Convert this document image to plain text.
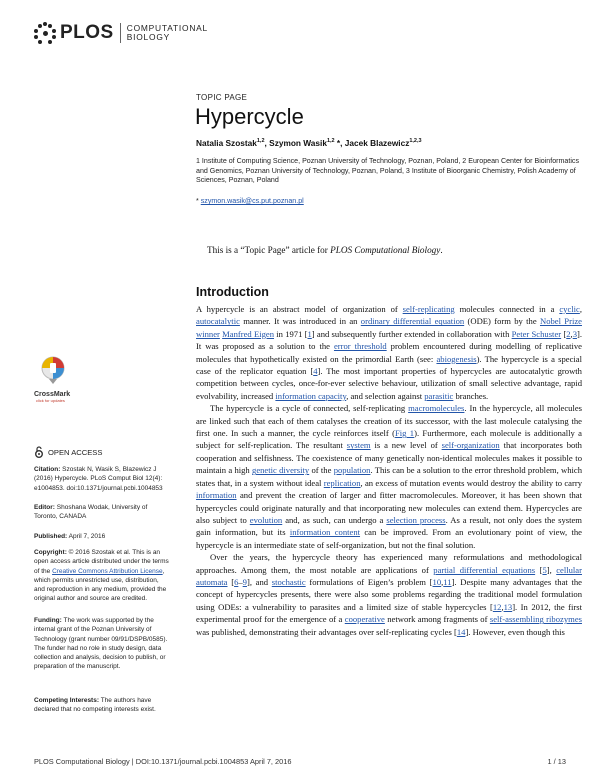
PLOS COMPUTATIONAL
BIOLOGY
TOPIC PAGE
Hypercycle
Natalia Szostak$^{1,2}$, Szymon Wasik$^{1,2}$ *, Jacek Blazewicz$^{1,2,3}$
1 Institute of Computing Science, Poznan University of Technology, Poznan, Poland, 2 European Center for Bioinformatics and Genomics, Poznan University of Technology, Poznan, Poland, 3 Institute of Bioorganic Chemistry, Polish Academy of Sciences, Poznan, Poland
* szymon.wasik@cs.put.poznan.pl
This is a “Topic Page” article for PLOS Computational Biology.
Introduction

A hypercycle is an abstract model of organization of self-replicating molecules connected in a cyclic, autocatalytic manner. It was introduced in an ordinary differential equation (ODE) form by the Nobel Prize winner Manfred Eigen in 1971 [1] and subsequently further extended in collaboration with Peter Schuster [2,3]. It was proposed as a solution to the error threshold problem encountered during modelling of replicative molecules that hypothetically existed on the primordial Earth (see: abiogenesis). The hypercycle is a special case of the replicator equation [4]. The most important properties of hypercycles are autocatalytic growth competition between cycles, once-for-ever selective behaviour, utilization of small selective advantage, rapid evolvability, increased information capacity, and selection against parasitic branches.

The hypercycle is a cycle of connected, self-replicating macromolecules. In the hypercycle, all molecules are linked such that each of them catalyses the creation of its successor, with the last molecule catalysing the first one. In such a manner, the cycle reinforces itself (Fig 1). Furthermore, each molecule is additionally a subject for self-replication. The resultant system is a new level of self-organization that incorporates both cooperation and selfishness. The coexistence of many genetically non-identical molecules makes it possible to maintain a high genetic diversity of the population. This can be a solution to the error threshold problem, which states that, in a system without ideal replication, an excess of mutation events would destroy the ability to carry information and prevent the creation of larger and fitter macromolecules. Moreover, it has been shown that hypercycles could originate naturally and that incorporating new molecules can extend them. Hypercycles are also subject to evolution and, as such, can undergo a selection process. As a result, not only does the system gain information, but its information content can be improved. From an evolutionary point of view, the hypercycle is an intermediate state of self-organization, but not the final solution.

Over the years, the hypercycle theory has experienced many reformulations and methodological approaches. Among them, the most notable are applications of partial differential equations [5], cellular automata [6–9], and stochastic formulations of Eigen’s problem [10,11]. Despite many advantages that the concept of hypercycles presents, there were also some problems regarding the traditional model formulation using ODEs: a vulnerability to parasites and a limited size of stable hypercycles [12,13]. In 2012, the first experimental proof for the emergence of a cooperative network among fragments of self-assembling ribozymes was published, demonstrating their advantages over self-replicating cycles [14]. However, even though this

CrossMark
click for updates
OPEN ACCESS
Citation: Szostak N, Wasik S, Blazewicz J (2016) Hypercycle. PLoS Comput Biol 12(4): e1004853. doi:10.1371/journal.pcbi.1004853
Editor: Shoshana Wodak, University of Toronto, CANADA
Published: April 7, 2016
Copyright: © 2016 Szostak et al. This is an open access article distributed under the terms of the Creative Commons Attribution License, which permits unrestricted use, distribution, and reproduction in any medium, provided the original author and source are credited.
Funding: The work was supported by the internal grant of the Poznan University of Technology (grant number 09/91/DSPB/0585). The funder had no role in study design, data collection and analysis, decision to publish, or preparation of the manuscript.
Competing Interests: The authors have declared that no competing interests exist.
PLOS Computational Biology | DOI:10.1371/journal.pcbi.1004853 April 7, 2016	1 / 13
